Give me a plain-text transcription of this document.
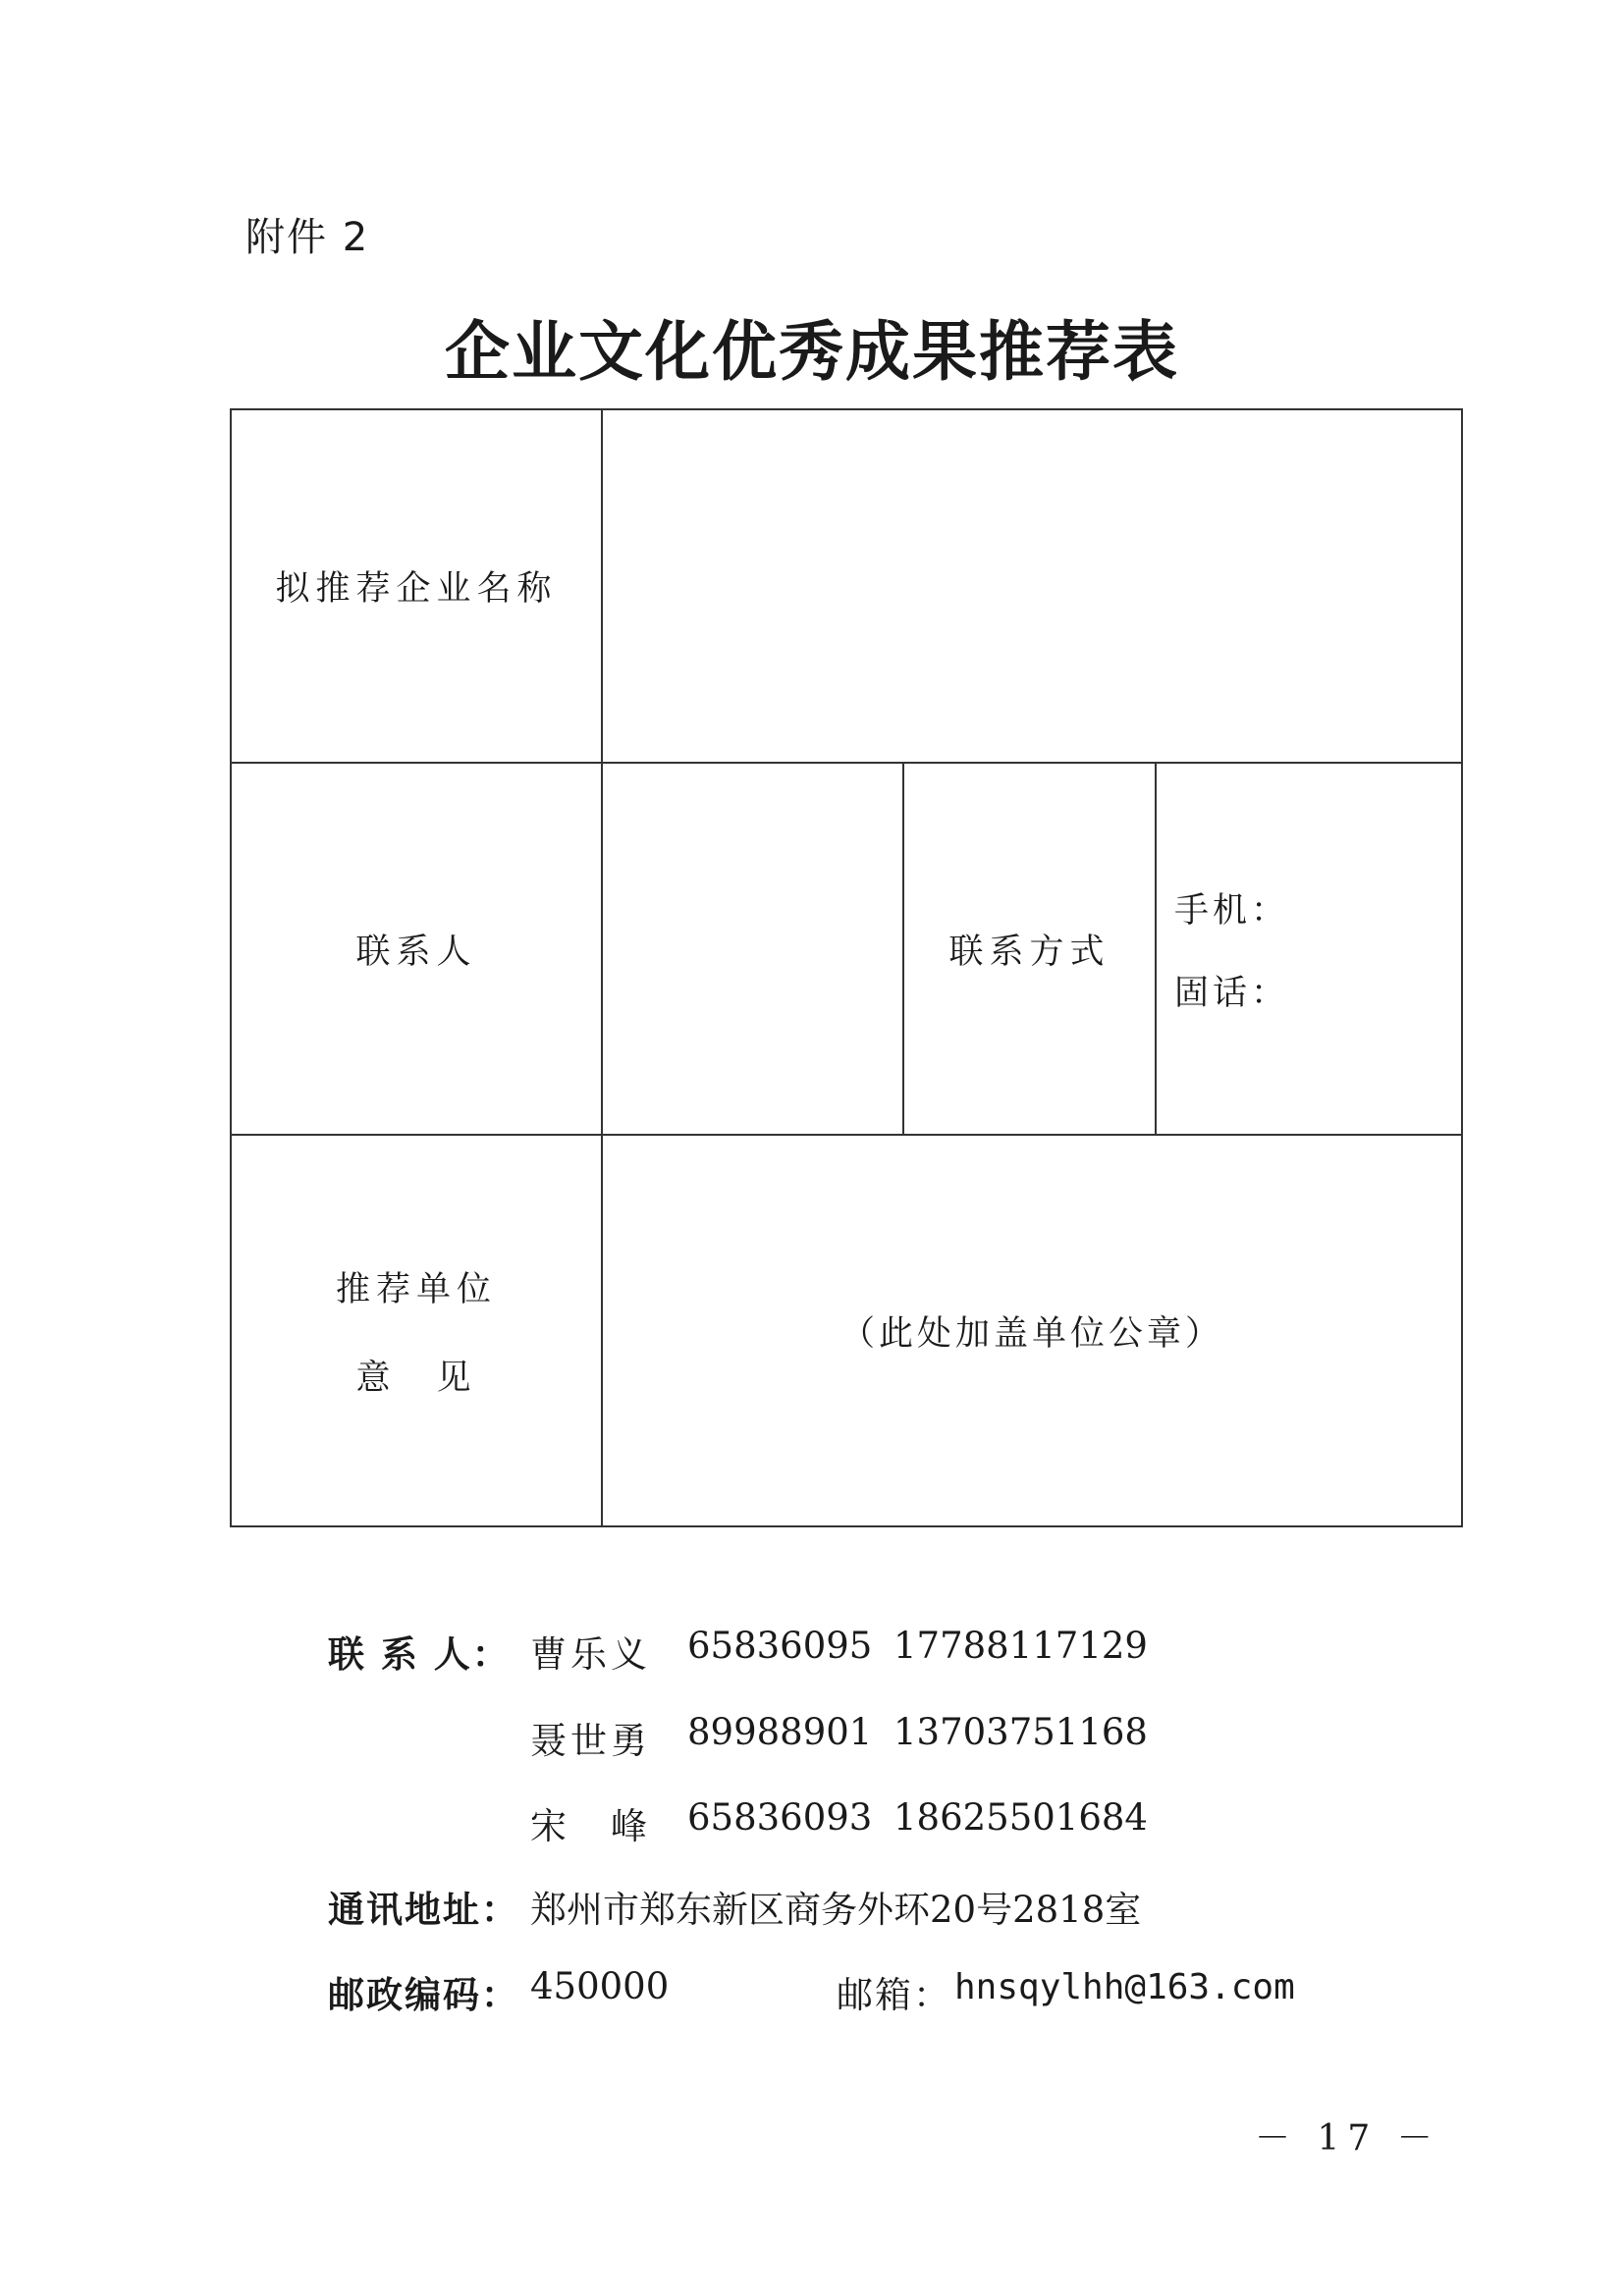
附件 2
企业文化优秀成果推荐表
拟推荐企业名称
联系人	联系方式
手机：
固话：
推荐单位
意　见
（此处加盖单位公章）
联 系 人： 曹乐义 65836095 17788117129
聂世勇 89988901 13703751168
宋　峰 65836093 18625501684
通讯地址： 郑州市郑东新区商务外环20号2818室
邮政编码： 450000	邮箱： hnsqylhh@163.com
－ 17 －
